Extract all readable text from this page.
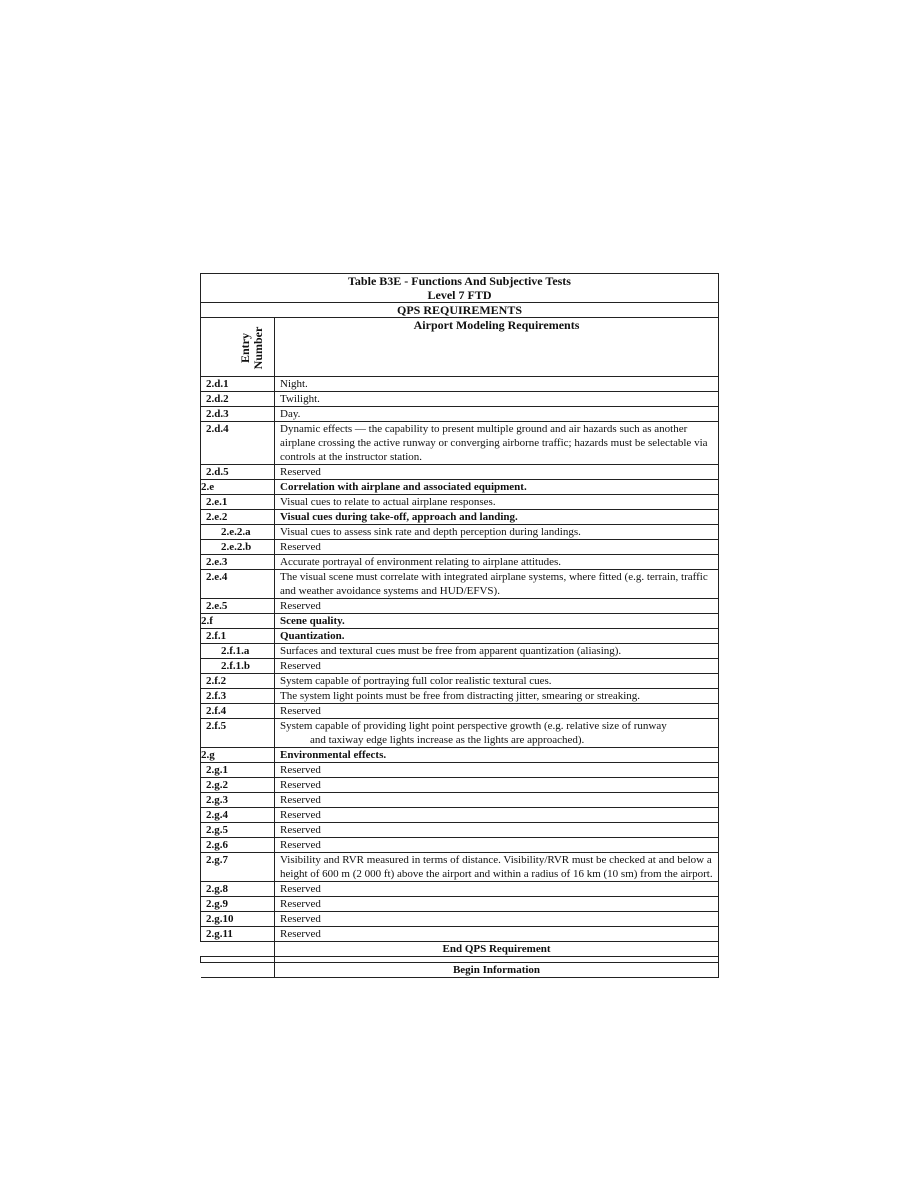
Table B3E - Functions And Subjective Tests
Level 7 FTD	

QPS REQUIREMENTS	

Entry Number	Airport Modeling Requirements
2.d.1	Night.
2.d.2	Twilight.
2.d.3	Day.
2.d.4	Dynamic effects — the capability to present multiple ground and air hazards such as another airplane crossing the active runway or converging airborne traffic; hazards must be selectable via controls at the instructor station.
2.d.5	Reserved
2.e	Correlation with airplane and associated equipment.
2.e.1	Visual cues to relate to actual airplane responses.
2.e.2	Visual cues during take-off, approach and landing.
2.e.2.a	Visual cues to assess sink rate and depth perception during landings.
2.e.2.b	Reserved
2.e.3	Accurate portrayal of environment relating to airplane attitudes.
2.e.4	The visual scene must correlate with integrated airplane systems, where fitted (e.g. terrain, traffic and weather avoidance systems and HUD/EFVS).
2.e.5	Reserved
2.f	Scene quality.
2.f.1	Quantization.
2.f.1.a	Surfaces and textural cues must be free from apparent quantization (aliasing).
2.f.1.b	Reserved
2.f.2	System capable of portraying full color realistic textural cues.
2.f.3	The system light points must be free from distracting jitter, smearing or streaking.
2.f.4	Reserved
2.f.5	System capable of providing light point perspective growth (e.g. relative size of runway
and taxiway edge lights increase as the lights are approached).
2.g	Environmental effects.
2.g.1	Reserved
2.g.2	Reserved
2.g.3	Reserved
2.g.4	Reserved
2.g.5	Reserved
2.g.6	Reserved
2.g.7	Visibility and RVR measured in terms of distance. Visibility/RVR must be checked at and below a height of 600 m (2 000 ft) above the airport and within a radius of 16 km (10 sm) from the airport.
2.g.8	Reserved
2.g.9	Reserved
2.g.10	Reserved
2.g.11	Reserved
	End QPS Requirement

	Begin Information
